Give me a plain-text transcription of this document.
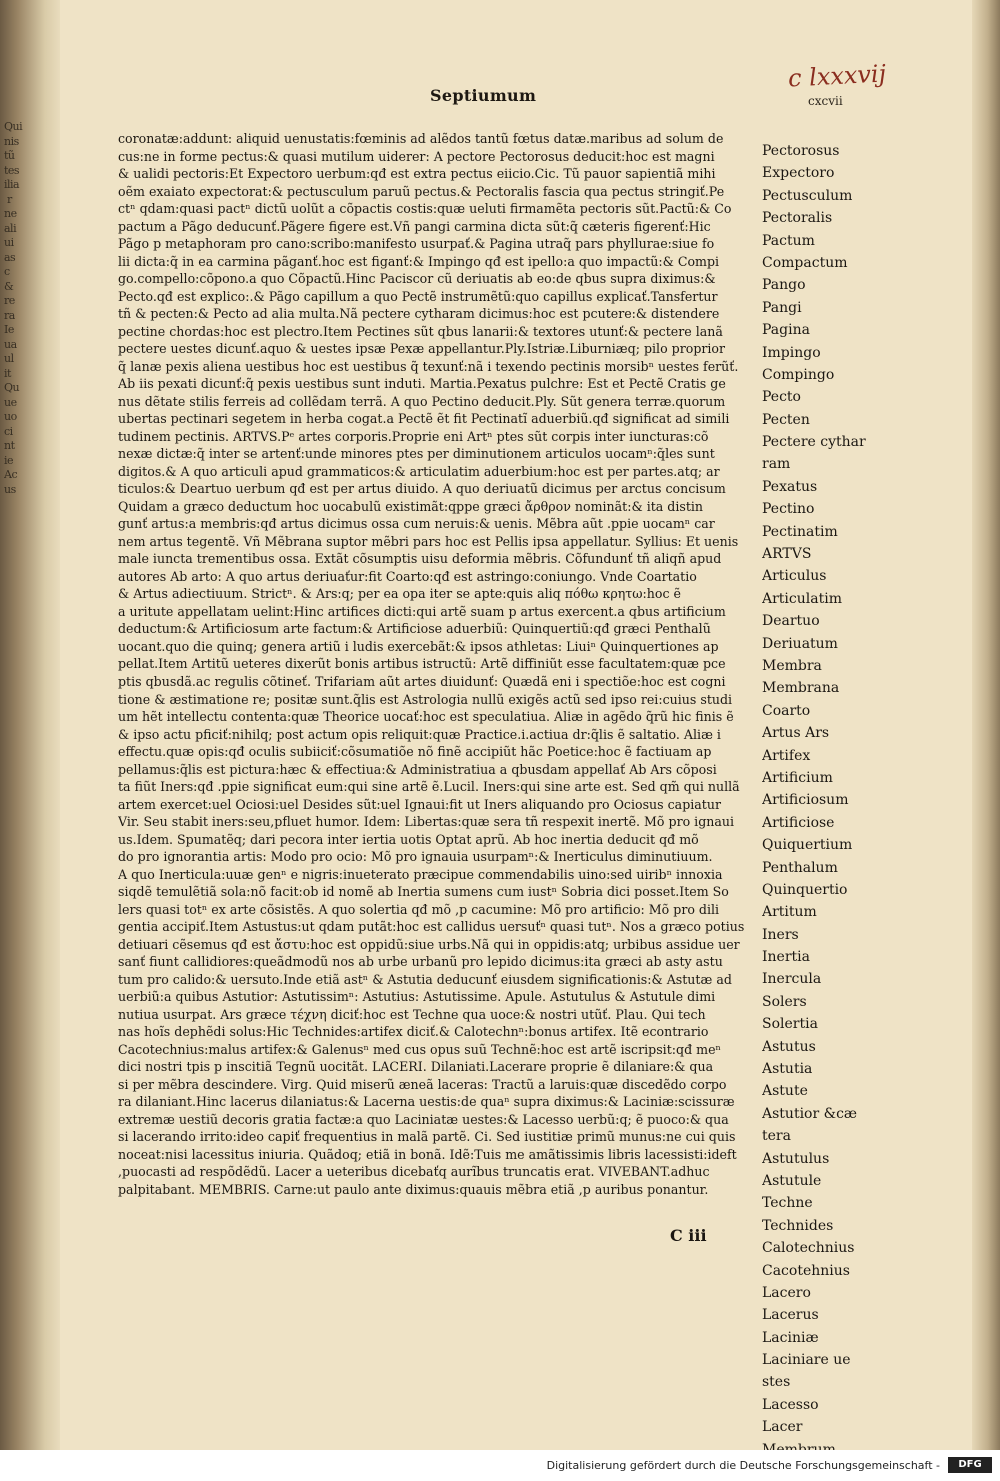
Qui
nis
tũ
tes
ilia
r
ne
ali
ui
as
c
&
re
ra
Ie
ua
ul
it
Qu
ue
uo
ci
nt
ie
Ac
us
c lxxxvij
Septiumum	cxcvii
coronatæ:addunt: aliquid uenustatis:fœminis ad alẽdos tantũ fœtus datæ.maribus ad solum de
cus:ne in forme pectus:& quasi mutilum uiderer: A pectore Pectorosus deducit:hoc est magni
& ualidi pectoris:Et Expectoro uerbum:qđ est extra pectus eiicio.Cic. Tũ pauor sapientiã mihi
oẽm exaiato expectorat:& pectusculum paruũ pectus.& Pectoralis fascia qua pectus stringiť.Pe
ctⁿ qdam:quasi pactⁿ dictũ uolũt a cõpactis costis:quæ ueluti firmamẽta pectoris sũt.Pactũ:& Co
pactum a Pãgo deducunť.Pãgere figere est.Vñ pangi carmina dicta sũt:q̃ cæteris figerenť:Hic
Pãgo p metaphoram pro cano:scribo:manifesto usurpať.& Pagina utraq̃ pars phyllurae:siue fo
lii dicta:q̃ in ea carmina pãganť.hoc est figanť:& Impingo qđ est ipello:a quo impactũ:& Compi
go.compello:cõpono.a quo Cõpactũ.Hinc Paciscor cũ deriuatis ab eo:de qbus supra diximus:&
Pecto.qđ est explico:.& Pãgo capillum a quo Pectẽ instrumẽtũ:quo capillus explicať.Tansfertur
tñ & pecten:& Pecto ad alia multa.Nã pectere cytharam dicimus:hoc est pcutere:& distendere
pectine chordas:hoc est plectro.Item Pectines sũt qbus lanarii:& textores utunť:& pectere lanã
pectere uestes dicunť.aquo & uestes ipsæ Pexæ appellantur.Ply.Istriæ.Liburniæq; pilo proprior
q̃ lanæ pexis aliena uestibus hoc est uestibus q̃ texunť:nã i texendo pectinis morsibⁿ uestes ferũť.
Ab iis pexati dicunť:q̃ pexis uestibus sunt induti. Martia.Pexatus pulchre: Est et Pectẽ Cratis ge
nus dẽtate stilis ferreis ad collẽdam terrã. A quo Pectino deducit.Ply. Sũt genera terræ.quorum
ubertas pectinari segetem in herba cogat.a Pectẽ ẽt fit Pectinatĩ aduerbiũ.qđ significat ad simili
tudinem pectinis. ARTVS.Pᵉ artes corporis.Proprie eni Artⁿ ptes sũt corpis inter iuncturas:cõ
nexæ dictæ:q̃ inter se artenť:unde minores ptes per diminutionem articulos uocamⁿ:q̃les sunt
digitos.& A quo articuli apud grammaticos:& articulatim aduerbium:hoc est per partes.atq; ar
ticulos:& Deartuo uerbum qđ est per artus diuido. A quo deriuatũ dicimus per arctus concisum
Quidam a græco deductum hoc uocabulũ existimãt:qppe græci ἄρθρον nominãt:& ita distin
gunť artus:a membris:qđ artus dicimus ossa cum neruis:& uenis. Mẽbra aũt .ppie uocamⁿ car
nem artus tegentẽ. Vñ Mẽbrana suptor mẽbri pars hoc est Pellis ipsa appellatur. Syllius: Et uenis
male iuncta trementibus ossa. Extãt cõsumptis uisu deformia mẽbris. Cõfundunť tñ aliqñ apud
autores Ab arto: A quo artus deriuaťur:fit Coarto:qđ est astringo:coniungo. Vnde Coartatio
& Artus adiectiuum. Strictⁿ. & Ars:q; per ea opa iter se apte:quis aliq πόθω κρητω:hoc ẽ
a uritute appellatam uelint:Hinc artifices dicti:qui artẽ suam p artus exercent.a qbus artificium
deductum:& Artificiosum arte factum:& Artificiose aduerbiũ: Quinquertiũ:qđ græci Penthalũ
uocant.quo die quinq; genera artiũ i ludis exercebãt:& ipsos athletas: Liuiⁿ Quinquertiones ap
pellat.Item Artitũ ueteres dixerũt bonis artibus istructũ: Artẽ diffiniũt esse facultatem:quæ pce
ptis qbusdã.ac regulis cõtineť. Trifariam aũt artes diuidunť: Quædã eni i spectiõe:hoc est cogni
tione & æstimatione re; positæ sunt.q̃lis est Astrologia nullũ exigẽs actũ sed ipso rei:cuius studi
um hẽt intellectu contenta:quæ Theorice uocať:hoc est speculatiua. Aliæ in agẽdo q̃rũ hic finis ẽ
& ipso actu pficiť:nihilq; post actum opis reliquit:quæ Practice.i.actiua dr:q̃lis ẽ saltatio. Aliæ i
effectu.quæ opis:qđ oculis subiiciť:cõsumatiõe nõ finẽ accipiũt hãc Poetice:hoc ẽ factiuam ap
pellamus:q̃lis est pictura:hæc & effectiua:& Administratiua a qbusdam appellať Ab Ars cõposi
ta fiũt Iners:qđ .ppie significat eum:qui sine artẽ ẽ.Lucil. Iners:qui sine arte est. Sed qm̃ qui nullã
artem exercet:uel Ociosi:uel Desides sũt:uel Ignaui:fit ut Iners aliquando pro Ociosus capiatur
Vir. Seu stabit iners:seu,pfluet humor. Idem: Libertas:quæ sera tñ respexit inertẽ. Mõ pro ignaui
us.Idem. Spumatẽq; dari pecora inter iertia uotis Optat aprũ. Ab hoc inertia deducit qđ mõ
do pro ignorantia artis: Modo pro ocio: Mõ pro ignauia usurpamⁿ:& Inerticulus diminutiuum.
A quo Inerticula:uuæ genⁿ e nigris:inueterato præcipue commendabilis uino:sed uiribⁿ innoxia
siqdẽ temulẽtiã sola:nõ facit:ob id nomẽ ab Inertia sumens cum iustⁿ Sobria dici posset.Item So
lers quasi totⁿ ex arte cõsistẽs. A quo solertia qđ mõ ,p cacumine: Mõ pro artificio: Mõ pro dili
gentia accipiť.Item Astustus:ut qdam putãt:hoc est callidus uersuťⁿ quasi tutⁿ. Nos a græco potius
detiuari cẽsemus qđ est ἄστυ:hoc est oppidũ:siue urbs.Nã qui in oppidis:atq; urbibus assidue uer
sanť fiunt callidiores:queãdmodũ nos ab urbe urbanũ pro lepido dicimus:ita græci ab asty astu
tum pro calido:& uersuto.Inde etiã astⁿ & Astutia deducunť eiusdem significationis:& Astutæ ad
uerbiũ:a quibus Astutior: Astutissimⁿ: Astutius: Astutissime. Apule. Astutulus & Astutule dimi
nutiua usurpat. Ars græce τέχνη diciť:hoc est Techne qua uoce:& nostri utũť. Plau. Qui tech
nas hoĩs dephẽdi solus:Hic Technides:artifex diciť.& Calotechnⁿ:bonus artifex. Itẽ econtrario
Cacotechnius:malus artifex:& Galenusⁿ med cus opus suũ Technẽ:hoc est artẽ iscripsit:qđ meⁿ
dici nostri tpis p inscitiã Tegnũ uocitãt. LACERI. Dilaniati.Lacerare proprie ẽ dilaniare:& qua
si per mẽbra descindere. Virg. Quid miserũ æneã laceras: Tractũ a laruis:quæ discedẽdo corpo
ra dilaniant.Hinc lacerus dilaniatus:& Lacerna uestis:de quaⁿ supra diximus:& Laciniæ:scissuræ
extremæ uestiũ decoris gratia factæ:a quo Laciniatæ uestes:& Lacesso uerbũ:q; ẽ puoco:& qua
si lacerando irrito:ideo capiť frequentius in malã partẽ. Ci. Sed iustitiæ primũ munus:ne cui quis
noceat:nisi lacessitus iniuria. Quãdoq; etiã in bonã. Idẽ:Tuis me amãtissimis libris lacessisti:ideft
,puocasti ad respõdẽdũ. Lacer a ueteribus dicebaťq aurĩbus truncatis erat. VIVEBANT.adhuc
palpitabant. MEMBRIS. Carne:ut paulo ante diximus:quauis mẽbra etiã ,p auribus ponantur.
Pectorosus
Expectoro
Pectusculum
Pectoralis
Pactum
Compactum
Pango
Pangi
Pagina
Impingo
Compingo
Pecto
Pecten
Pectere cythar
ram
Pexatus
Pectino
Pectinatim
ARTVS
Articulus
Articulatim
Deartuo
Deriuatum
Membra
Membrana
Coarto
Artus Ars
Artifex
Artificium
Artificiosum
Artificiose
Quiquertium
Penthalum
Quinquertio
Artitum
Iners
Inertia
Inercula
Solers
Solertia
Astutus
Astutia
Astute
Astutior &cæ
tera
Astutulus
Astutule
Techne
Technides
Calotechnius
Cacotehnius
Lacero
Lacerus
Laciniæ
Laciniare ue
stes
Lacesso
Lacer
C iii
Digitalisierung gefördert durch die Deutsche Forschungsgemeinschaft -	DFG
